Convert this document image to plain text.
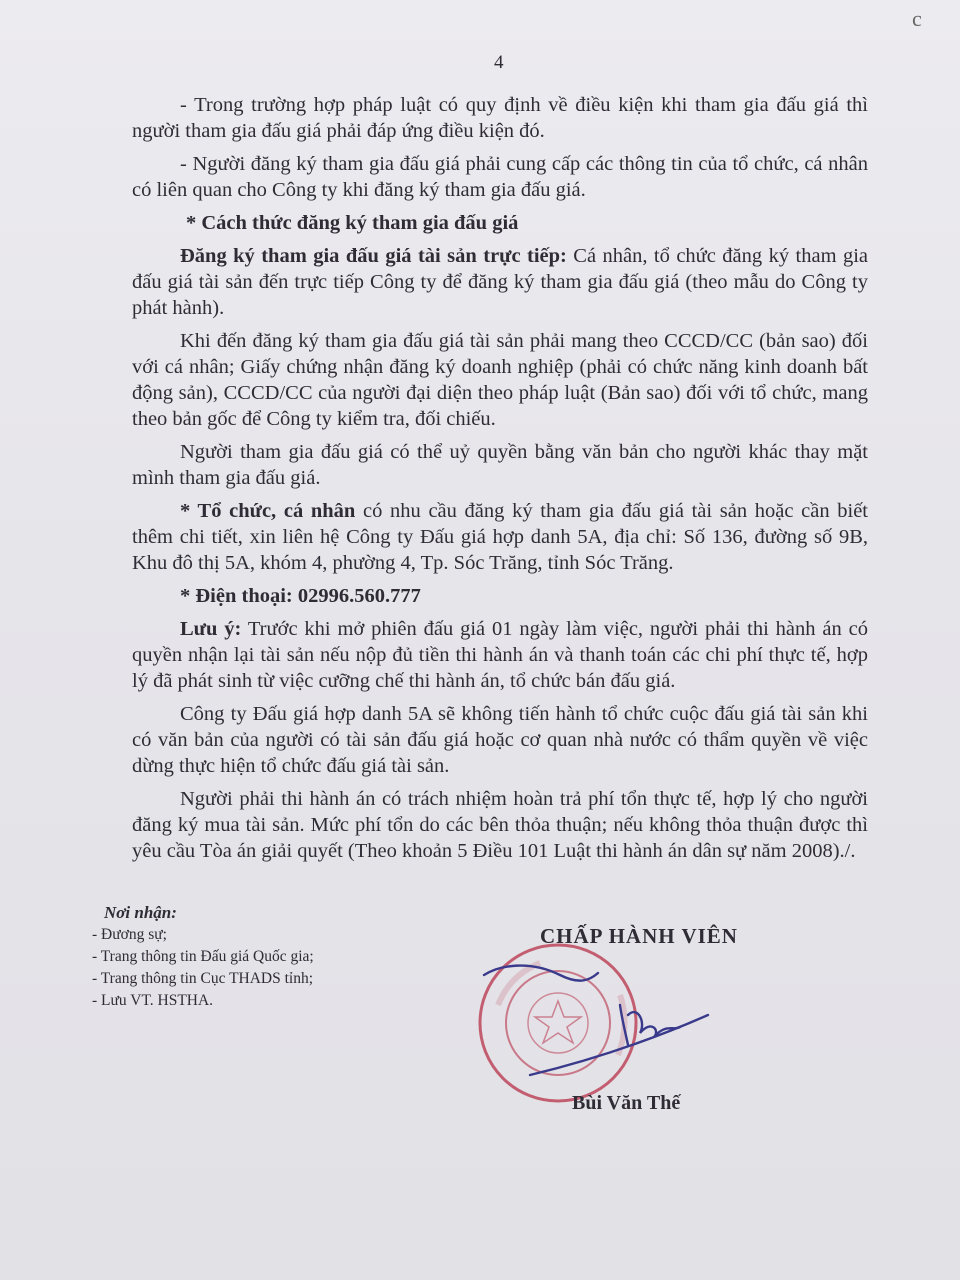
c
4

- Trong trường hợp pháp luật có quy định về điều kiện khi tham gia đấu giá thì người tham gia đấu giá phải đáp ứng điều kiện đó.

- Người đăng ký tham gia đấu giá phải cung cấp các thông tin của tổ chức, cá nhân có liên quan cho Công ty khi đăng ký tham gia đấu giá.

* Cách thức đăng ký tham gia đấu giá

Đăng ký tham gia đấu giá tài sản trực tiếp: Cá nhân, tổ chức đăng ký tham gia đấu giá tài sản đến trực tiếp Công ty để đăng ký tham gia đấu giá (theo mẫu do Công ty phát hành).

Khi đến đăng ký tham gia đấu giá tài sản phải mang theo CCCD/CC (bản sao) đối với cá nhân; Giấy chứng nhận đăng ký doanh nghiệp (phải có chức năng kinh doanh bất động sản), CCCD/CC của người đại diện theo pháp luật (Bản sao) đối với tổ chức, mang theo bản gốc để Công ty kiểm tra, đối chiếu.

Người tham gia đấu giá có thể uỷ quyền bằng văn bản cho người khác thay mặt mình tham gia đấu giá.

* Tổ chức, cá nhân có nhu cầu đăng ký tham gia đấu giá tài sản hoặc cần biết thêm chi tiết, xin liên hệ Công ty Đấu giá hợp danh 5A, địa chỉ: Số 136, đường số 9B, Khu đô thị 5A, khóm 4, phường 4, Tp. Sóc Trăng, tỉnh Sóc Trăng.

* Điện thoại: 02996.560.777

Lưu ý: Trước khi mở phiên đấu giá 01 ngày làm việc, người phải thi hành án có quyền nhận lại tài sản nếu nộp đủ tiền thi hành án và thanh toán các chi phí thực tế, hợp lý đã phát sinh từ việc cưỡng chế thi hành án, tổ chức bán đấu giá.

Công ty Đấu giá hợp danh 5A sẽ không tiến hành tổ chức cuộc đấu giá tài sản khi có văn bản của người có tài sản đấu giá hoặc cơ quan nhà nước có thẩm quyền về việc dừng thực hiện tổ chức đấu giá tài sản.

Người phải thi hành án có trách nhiệm hoàn trả phí tổn thực tế, hợp lý cho người đăng ký mua tài sản. Mức phí tổn do các bên thỏa thuận; nếu không thỏa thuận được thì yêu cầu Tòa án giải quyết (Theo khoản 5 Điều 101 Luật thi hành án dân sự năm 2008)./.

Nơi nhận:

- Đương sự;

- Trang thông tin Đấu giá Quốc gia;

- Trang thông tin Cục THADS tỉnh;

- Lưu VT. HSTHA.

CHẤP HÀNH VIÊN
Bùi Văn Thế
